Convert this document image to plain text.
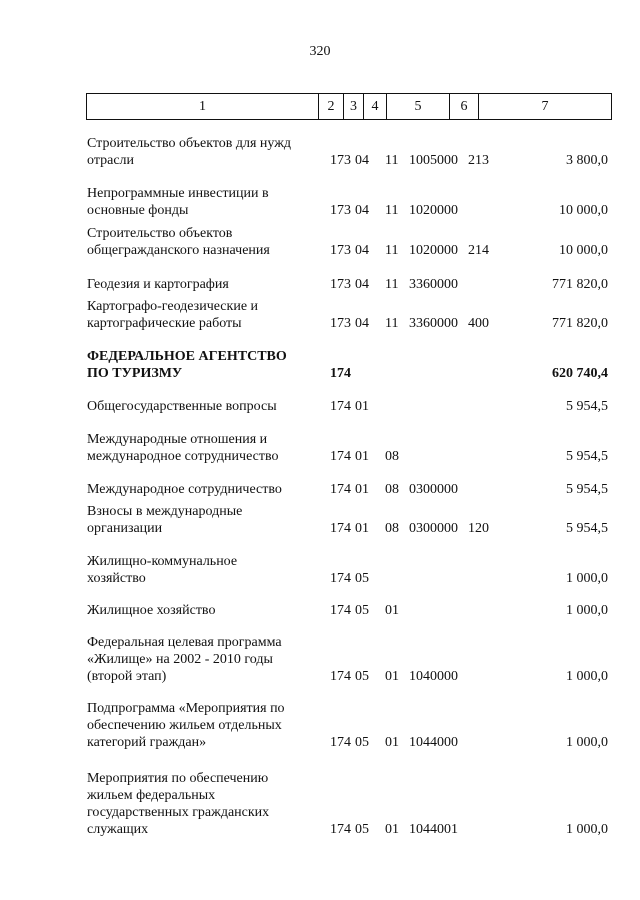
320
1	2	3	4	5	6	7
Строительство объектов для нужд
отрасли	173 04 11 1005000 213	3 800,0
Непрограммные инвестиции в
основные фонды	173 04 11 1020000	10 000,0
Строительство объектов
общегражданского назначения	173 04 11 1020000 214	10 000,0
Геодезия и картография	173 04 11 3360000	771 820,0
Картографо-геодезические и
картографические работы	173 04 11 3360000 400	771 820,0
ФЕДЕРАЛЬНОЕ АГЕНТСТВО
ПО ТУРИЗМУ	174	620 740,4
Общегосударственные вопросы	174 01	5 954,5
Международные отношения и
международное сотрудничество	174 01 08	5 954,5
Международное сотрудничество	174 01 08 0300000	5 954,5
Взносы в международные
организации	174 01 08 0300000 120	5 954,5
Жилищно-коммунальное
хозяйство	174 05	1 000,0
Жилищное хозяйство	174 05 01	1 000,0
Федеральная целевая программа
«Жилище» на 2002 - 2010 годы
(второй этап)	174 05 01 1040000	1 000,0
Подпрограмма «Мероприятия по
обеспечению жильем отдельных
категорий граждан»	174 05 01 1044000	1 000,0
Мероприятия по обеспечению
жильем федеральных
государственных гражданских
служащих	174 05 01 1044001	1 000,0
